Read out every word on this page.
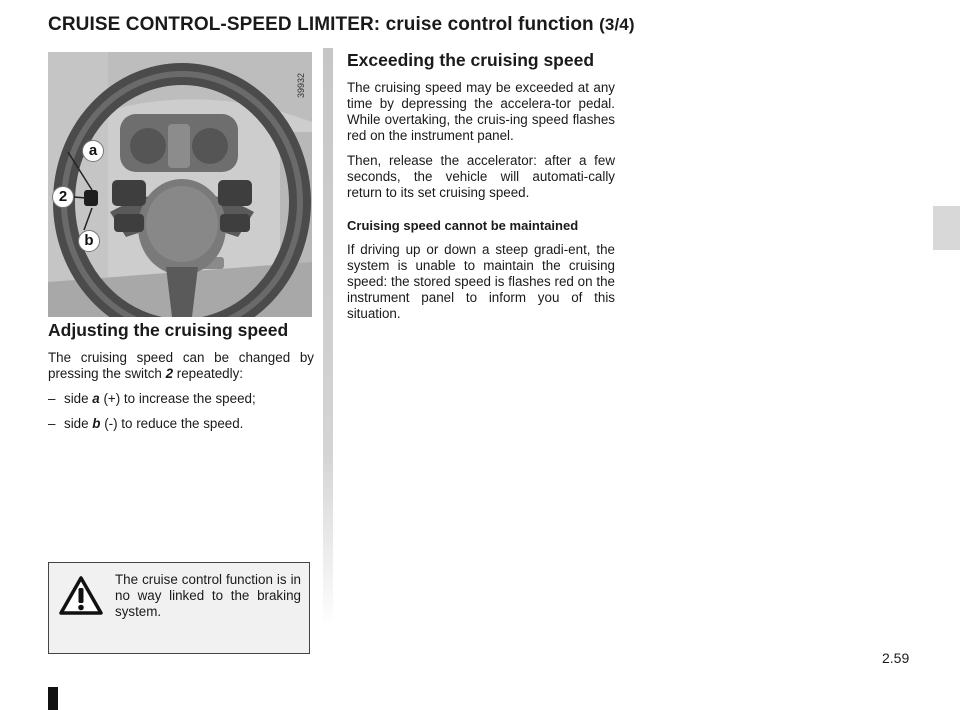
CRUISE CONTROL-SPEED LIMITER: cruise control function (3/4)
39932
a
2
b
Adjusting the cruising speed

The cruising speed can be changed by pressing the switch 2 repeatedly:

– side a (+) to increase the speed;
– side b (-) to reduce the speed.
The cruise control function is in no way linked to the braking system.
Exceeding the cruising speed

The cruising speed may be exceeded at any time by depressing the accelera-tor pedal. While overtaking, the cruis-ing speed flashes red on the instrument panel.

Then, release the accelerator: after a few seconds, the vehicle will automati-cally return to its set cruising speed.

Cruising speed cannot be maintained

If driving up or down a steep gradi-ent, the system is unable to maintain the cruising speed: the stored speed is flashes red on the instrument panel to inform you of this situation.

2.59
